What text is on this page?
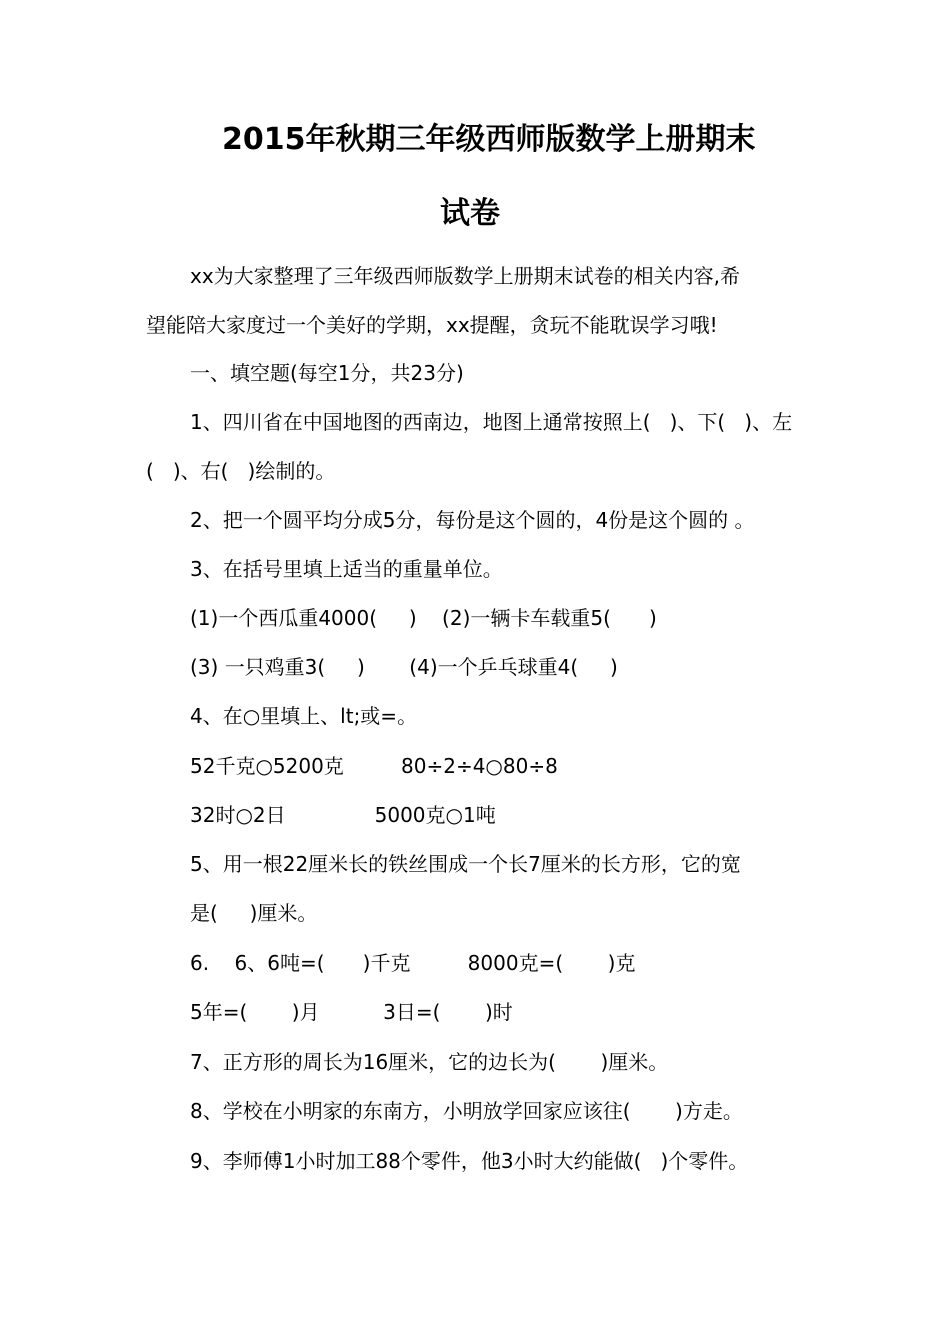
2015年秋期三年级西师版数学上册期末
试卷
xx为大家整理了三年级西师版数学上册期末试卷的相关内容,希
望能陪大家度过一个美好的学期，xx提醒，贪玩不能耽误学习哦!
一、填空题(每空1分，共23分)
1、四川省在中国地图的西南边，地图上通常按照上(   )、下(   )、左
(   )、右(   )绘制的。
2、把一个圆平均分成5分，每份是这个圆的，4份是这个圆的 。
3、在括号里填上适当的重量单位。
(1)一个西瓜重4000(     )    (2)一辆卡车载重5(      )
(3) 一只鸡重3(     )       (4)一个乒乓球重4(     )
4、在○里填上、lt;或=。
52千克○5200克         80÷2÷4○80÷8
32时○2日              5000克○1吨
5、用一根22厘米长的铁丝围成一个长7厘米的长方形，它的宽
是(     )厘米。
6.    6、6吨=(      )千克         8000克=(       )克
5年=(       )月          3日=(       )时
7、正方形的周长为16厘米，它的边长为(       )厘米。
8、学校在小明家的东南方，小明放学回家应该往(       )方走。
9、李师傅1小时加工88个零件，他3小时大约能做(   )个零件。
